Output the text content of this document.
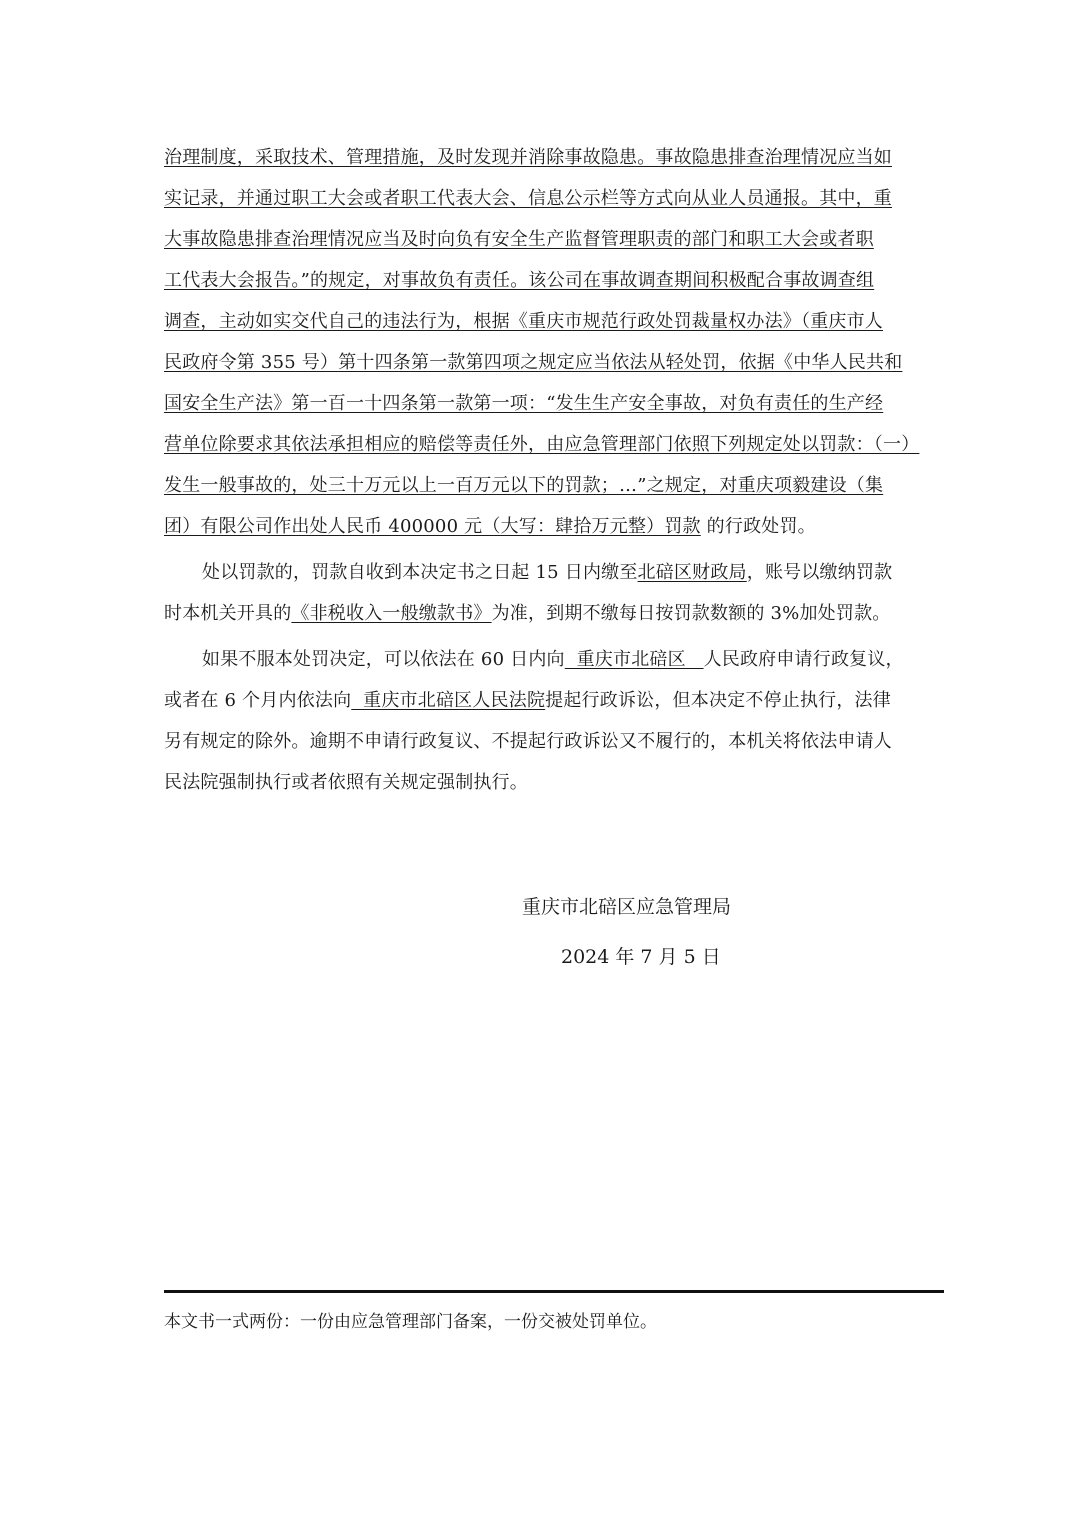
治理制度，采取技术、管理措施，及时发现并消除事故隐患。事故隐患排查治理情况应当如
实记录，并通过职工大会或者职工代表大会、信息公示栏等方式向从业人员通报。其中，重
大事故隐患排查治理情况应当及时向负有安全生产监督管理职责的部门和职工大会或者职
工代表大会报告。”的规定，对事故负有责任。该公司在事故调查期间积极配合事故调查组
调查，主动如实交代自己的违法行为，根据《重庆市规范行政处罚裁量权办法》（重庆市人
民政府令第 355 号）第十四条第一款第四项之规定应当依法从轻处罚，依据《中华人民共和
国安全生产法》第一百一十四条第一款第一项：“发生生产安全事故，对负有责任的生产经
营单位除要求其依法承担相应的赔偿等责任外，由应急管理部门依照下列规定处以罚款：（一）
发生一般事故的，处三十万元以上一百万元以下的罚款；…”之规定，对重庆项毅建设（集
团）有限公司作出处人民币 400000 元（大写：肆拾万元整）罚款 的行政处罚。
处以罚款的，罚款自收到本决定书之日起 15 日内缴至北碚区财政局，账号以缴纳罚款
时本机关开具的《非税收入一般缴款书》为准，到期不缴每日按罚款数额的 3%加处罚款。
如果不服本处罚决定，可以依法在 60 日内向  重庆市北碚区   人民政府申请行政复议，
或者在 6 个月内依法向  重庆市北碚区人民法院提起行政诉讼，但本决定不停止执行，法律
另有规定的除外。逾期不申请行政复议、不提起行政诉讼又不履行的，本机关将依法申请人
民法院强制执行或者依照有关规定强制执行。
重庆市北碚区应急管理局
2024 年 7 月 5 日
本文书一式两份：一份由应急管理部门备案，一份交被处罚单位。
